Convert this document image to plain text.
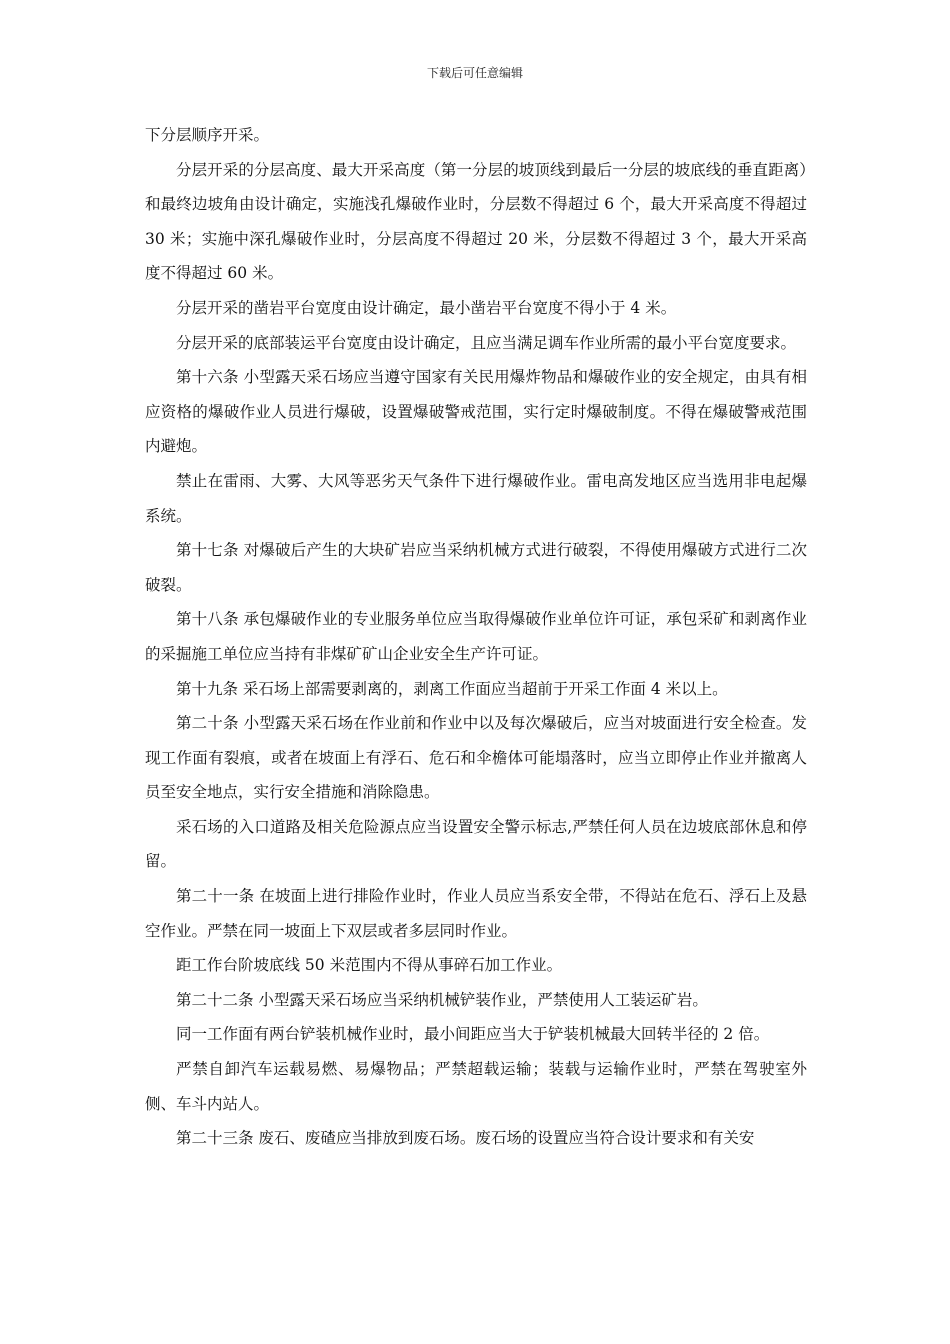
下载后可任意编辑

下分层顺序开采。

分层开采的分层高度、最大开采高度（第一分层的坡顶线到最后一分层的坡底线的垂直距离）和最终边坡角由设计确定，实施浅孔爆破作业时，分层数不得超过 6 个，最大开采高度不得超过 30 米；实施中深孔爆破作业时，分层高度不得超过 20 米，分层数不得超过 3 个，最大开采高度不得超过 60 米。

分层开采的凿岩平台宽度由设计确定，最小凿岩平台宽度不得小于 4 米。

分层开采的底部装运平台宽度由设计确定，且应当满足调车作业所需的最小平台宽度要求。

第十六条 小型露天采石场应当遵守国家有关民用爆炸物品和爆破作业的安全规定，由具有相应资格的爆破作业人员进行爆破，设置爆破警戒范围，实行定时爆破制度。不得在爆破警戒范围内避炮。

禁止在雷雨、大雾、大风等恶劣天气条件下进行爆破作业。雷电高发地区应当选用非电起爆系统。

第十七条 对爆破后产生的大块矿岩应当采纳机械方式进行破裂，不得使用爆破方式进行二次破裂。

第十八条 承包爆破作业的专业服务单位应当取得爆破作业单位许可证，承包采矿和剥离作业的采掘施工单位应当持有非煤矿矿山企业安全生产许可证。

第十九条 采石场上部需要剥离的，剥离工作面应当超前于开采工作面 4 米以上。

第二十条 小型露天采石场在作业前和作业中以及每次爆破后，应当对坡面进行安全检查。发现工作面有裂痕，或者在坡面上有浮石、危石和伞檐体可能塌落时，应当立即停止作业并撤离人员至安全地点，实行安全措施和消除隐患。

采石场的入口道路及相关危险源点应当设置安全警示标志,严禁任何人员在边坡底部休息和停留。

第二十一条 在坡面上进行排险作业时，作业人员应当系安全带，不得站在危石、浮石上及悬空作业。严禁在同一坡面上下双层或者多层同时作业。

距工作台阶坡底线 50 米范围内不得从事碎石加工作业。

第二十二条 小型露天采石场应当采纳机械铲装作业，严禁使用人工装运矿岩。

同一工作面有两台铲装机械作业时，最小间距应当大于铲装机械最大回转半径的 2 倍。

严禁自卸汽车运载易燃、易爆物品；严禁超载运输；装载与运输作业时，严禁在驾驶室外侧、车斗内站人。

第二十三条 废石、废碴应当排放到废石场。废石场的设置应当符合设计要求和有关安
